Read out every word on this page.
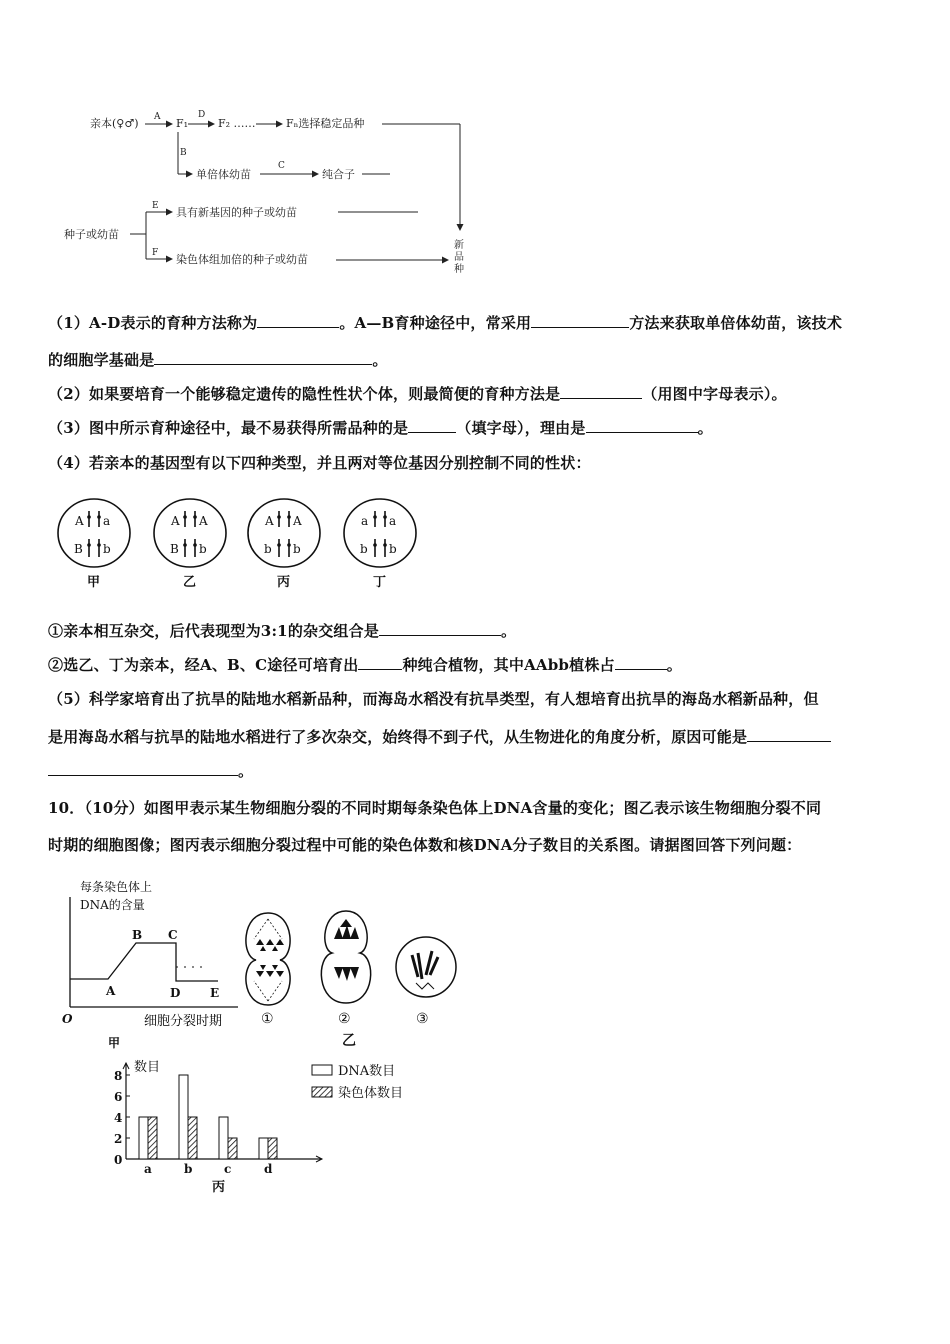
亲本(♀♂) A F₁
D
F₂ ……	Fₙ选择稳定品种
B
单倍体幼苗
C
纯合子
种子或幼苗
E 具有新基因的种子或幼苗
F 染色体组加倍的种子或幼苗
新
品
种
（1）A-D表示的育种方法称为	。A—B育种途径中，常采用	方法来获取单倍体幼苗，该技术
的细胞学基础是	。
（2）如果要培育一个能够稳定遗传的隐性性状个体，则最简便的育种方法是	（用图中字母表示）。
（3）图中所示育种途径中，最不易获得所需品种的是	（填字母），理由是	。
（4）若亲本的基因型有以下四种类型，并且两对等位基因分别控制不同的性状：
A a
B b
甲
A A
B b
乙
A A
b b
丙
a a
b b
丁
①亲本相互杂交，后代表现型为3:1的杂交组合是	。
②选乙、丁为亲本，经A、B、C途径可培育出	种纯合植物，其中AAbb植株占	。
（5）科学家培育出了抗旱的陆地水稻新品种，而海岛水稻没有抗旱类型，有人想培育出抗旱的海岛水稻新品种，但
是用海岛水稻与抗旱的陆地水稻进行了多次杂交，始终得不到子代，从生物进化的角度分析，原因可能是
。
10．（10分）如图甲表示某生物细胞分裂的不同时期每条染色体上DNA含量的变化；图乙表示该生物细胞分裂不同
时期的细胞图像；图丙表示细胞分裂过程中可能的染色体数和核DNA分子数目的关系图。请据图回答下列问题：
每条染色体上
DNA的含量
O
A
B C
D E
甲
细胞分裂时期	①	②	③
乙
数目
0
2
4
6
8
a	b	c	d
丙
DNA数目
染色体数目
